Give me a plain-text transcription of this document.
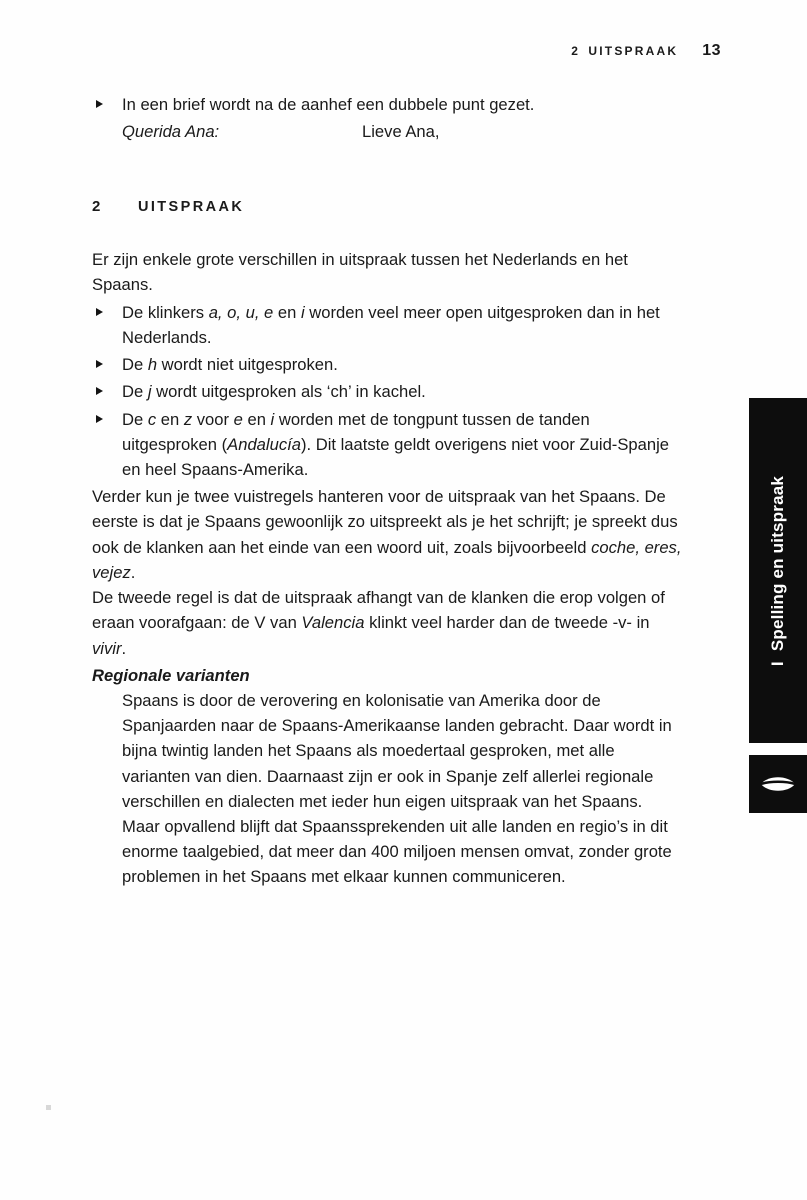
2 UITSPRAAK 13
In een brief wordt na de aanhef een dubbele punt gezet.
Querida Ana:	Lieve Ana,
2	UITSPRAAK

Er zijn enkele grote verschillen in uitspraak tussen het Nederlands en het Spaans.

De klinkers a, o, u, e en i worden veel meer open uitgesproken dan in het Nederlands.
De h wordt niet uitgesproken.
De j wordt uitgesproken als ‘ch’ in kachel.
De c en z voor e en i worden met de tongpunt tussen de tanden uitgesproken (Andalucía). Dit laatste geldt overigens niet voor Zuid-Spanje en heel Spaans-Amerika.

Verder kun je twee vuistregels hanteren voor de uitspraak van het Spaans. De eerste is dat je Spaans gewoonlijk zo uitspreekt als je het schrijft; je spreekt dus ook de klanken aan het einde van een woord uit, zoals bijvoorbeeld coche, eres, vejez.

De tweede regel is dat de uitspraak afhangt van de klanken die erop volgen of eraan voorafgaan: de V van Valencia klinkt veel harder dan de tweede -v- in vivir.

Regionale varianten

Spaans is door de verovering en kolonisatie van Amerika door de Spanjaarden naar de Spaans-Amerikaanse landen gebracht. Daar wordt in bijna twintig landen het Spaans als moedertaal gesproken, met alle varianten van dien. Daarnaast zijn er ook in Spanje zelf allerlei regionale verschillen en dialecten met ieder hun eigen uitspraak van het Spaans.

Maar opvallend blijft dat Spaanssprekenden uit alle landen en regio’s in dit enorme taalgebied, dat meer dan 400 miljoen mensen omvat, zonder grote problemen in het Spaans met elkaar kunnen communiceren.

ISpelling en uitspraak
